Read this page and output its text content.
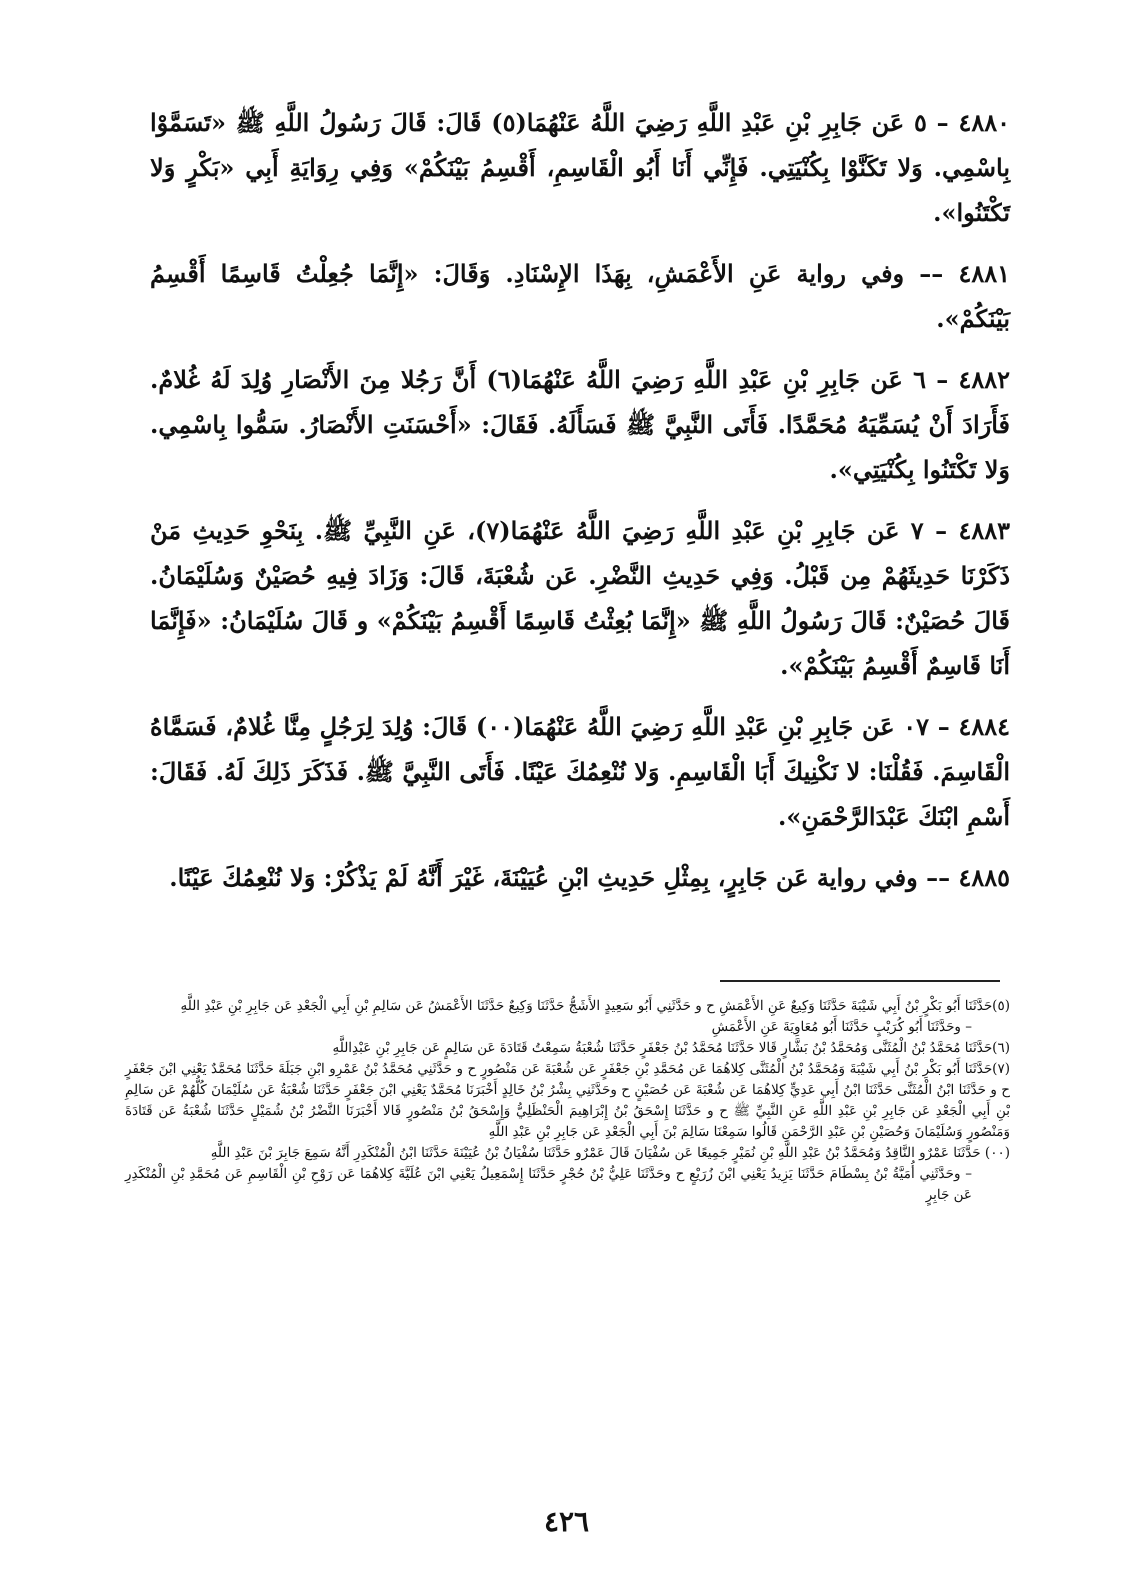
٤٨٨٠ – ٥ عَن جَابِرِ بْنِ عَبْدِ اللَّهِ رَضِيَ اللَّهُ عَنْهُمَا(٥) قَالَ: قَالَ رَسُولُ اللَّهِ ﷺ «تَسَمَّوْا بِاسْمِي. وَلا تَكَنَّوْا بِكُنْيَتِي. فَإِنِّي أَنَا أَبُو الْقَاسِمِ، أَقْسِمُ بَيْنَكُمْ» وَفِي رِوَايَةِ أَبِي «بَكْرٍ وَلا تَكْتَنُوا».

٤٨٨١ –– وفي رواية عَنِ الأَعْمَشِ، بِهَذَا الإِسْنَادِ. وَقَالَ: «إِنَّمَا جُعِلْتُ قَاسِمًا أَقْسِمُ بَيْنَكُمْ».

٤٨٨٢ – ٦ عَن جَابِرِ بْنِ عَبْدِ اللَّهِ رَضِيَ اللَّهُ عَنْهُمَا(٦) أَنَّ رَجُلا مِنَ الأَنْصَارِ وُلِدَ لَهُ غُلامٌ. فَأَرَادَ أَنْ يُسَمِّيَهُ مُحَمَّدًا. فَأَتَى النَّبِيَّ ﷺ فَسَأَلَهُ. فَقَالَ: «أَحْسَنَتِ الأَنْصَارُ. سَمُّوا بِاسْمِي. وَلا تَكْتَنُوا بِكُنْيَتِي».

٤٨٨٣ – ٧ عَن جَابِرِ بْنِ عَبْدِ اللَّهِ رَضِيَ اللَّهُ عَنْهُمَا(٧)، عَنِ النَّبِيِّ ﷺ. بِنَحْوِ حَدِيثِ مَنْ ذَكَرْنَا حَدِيثَهُمْ مِن قَبْلُ. وَفِي حَدِيثِ النَّضْرِ. عَن شُعْبَةَ، قَالَ: وَزَادَ فِيهِ حُصَيْنٌ وَسُلَيْمَانُ. قَالَ حُصَيْنٌ: قَالَ رَسُولُ اللَّهِ ﷺ «إِنَّمَا بُعِثْتُ قَاسِمًا أَقْسِمُ بَيْنَكُمْ» و قَالَ سُلَيْمَانُ: «فَإِنَّمَا أَنَا قَاسِمٌ أَقْسِمُ بَيْنَكُمْ».

٤٨٨٤ – ٠٧ عَن جَابِرِ بْنِ عَبْدِ اللَّهِ رَضِيَ اللَّهُ عَنْهُمَا(٠٠) قَالَ: وُلِدَ لِرَجُلٍ مِنَّا غُلامٌ، فَسَمَّاهُ الْقَاسِمَ. فَقُلْنَا: لا نَكْنِيكَ أَبَا الْقَاسِمِ. وَلا نُنْعِمُكَ عَيْنًا. فَأَتَى النَّبِيَّ ﷺ. فَذَكَرَ ذَلِكَ لَهُ. فَقَالَ: أَسْمِ ابْنَكَ عَبْدَالرَّحْمَنِ».

٤٨٨٥ –– وفي رواية عَن جَابِرٍ، بِمِثْلِ حَدِيثِ ابْنِ عُيَيْنَةَ، غَيْرَ أَنَّهُ لَمْ يَذْكُرْ: وَلا نُنْعِمُكَ عَيْنًا.

(٥)حَدَّثَنَا أَبُو بَكْرٍ بْنُ أَبِي شَيْبَةَ حَدَّثَنَا وَكِيعٌ عَنِ الأَعْمَشِ ح و حَدَّثَنِي أَبُو سَعِيدٍ الأَشَجُّ حَدَّثَنَا وَكِيعٌ حَدَّثَنَا الأَعْمَشُ عَن سَالِمِ بْنِ أَبِي الْجَعْدِ عَن جَابِرِ بْنِ عَبْدِ اللَّهِ

– وحَدَّثَنَا أَبُو كُرَيْبٍ حَدَّثَنَا أَبُو مُعَاوِيَةَ عَنِ الأَعْمَشِ

(٦)حَدَّثَنَا مُحَمَّدُ بْنُ الْمُثَنَّى وَمُحَمَّدُ بْنُ بَشَّارٍ قَالا حَدَّثَنَا مُحَمَّدُ بْنُ جَعْفَرٍ حَدَّثَنَا شُعْبَةُ سَمِعْتُ قَتَادَةَ عَن سَالِمٍ عَن جَابِرِ بْنِ عَبْدِاللَّهِ

(٧)حَدَّثَنَا أَبُو بَكْرِ بْنُ أَبِي شَيْبَةَ وَمُحَمَّدُ بْنُ الْمُثَنَّى كِلاهُمَا عَن مُحَمَّدِ بْنِ جَعْفَرٍ عَن شُعْبَةَ عَن مَنْصُورٍ ح و حَدَّثَنِي مُحَمَّدُ بْنُ عَمْرِو ابْنِ جَبَلَةَ حَدَّثَنَا مُحَمَّدٌ يَعْنِي ابْنَ جَعْفَرٍ ح و حَدَّثَنَا ابْنُ الْمُثَنَّى حَدَّثَنَا ابْنُ أَبِي عَدِيٍّ كِلاهُمَا عَن شُعْبَةَ عَن حُصَيْنٍ ح وحَدَّثَنِي بِشْرُ بْنُ خَالِدٍ أَخْبَرَنَا مُحَمَّدٌ يَعْنِي ابْنَ جَعْفَرٍ حَدَّثَنَا شُعْبَةُ عَن سُلَيْمَانَ كُلُّهُمْ عَن سَالِمِ بْنِ أَبِي الْجَعْدِ عَن جَابِرِ بْنِ عَبْدِ اللَّهِ عَنِ النَّبِيِّ ﷺ ح و حَدَّثَنَا إِسْحَقُ بْنُ إِبْرَاهِيمَ الْحَنْظَلِيُّ وَإِسْحَقُ بْنُ مَنْصُورٍ قَالا أَخْبَرَنَا النَّضْرُ بْنُ شُمَيْلٍ حَدَّثَنَا شُعْبَةُ عَن قَتَادَةَ وَمَنْصُورٍ وَسُلَيْمَانَ وَحُصَيْنِ بْنِ عَبْدِ الرَّحْمَنِ قَالُوا سَمِعْنَا سَالِمَ بْنَ أَبِي الْجَعْدِ عَن جَابِرِ بْنِ عَبْدِ اللَّهِ

(٠٠) حَدَّثَنَا عَمْرٌو النَّاقِدُ وَمُحَمَّدُ بْنُ عَبْدِ اللَّهِ بْنِ نُمَيْرٍ جَمِيعًا عَن سُفْيَانَ قَالَ عَمْرٌو حَدَّثَنَا سُفْيَانُ بْنُ عُيَيْنَةَ حَدَّثَنَا ابْنُ الْمُنْكَدِرِ أَنَّهُ سَمِعَ جَابِرَ بْنَ عَبْدِ اللَّهِ

– وحَدَّثَنِي أُمَيَّةُ بْنُ بِسْطَامَ حَدَّثَنَا يَزِيدُ يَعْنِي ابْنَ زُرَيْعٍ ح وحَدَّثَنَا عَلِيُّ بْنُ حُجْرٍ حَدَّثَنَا إِسْمَعِيلُ يَعْنِي ابْنَ عُلَيَّةَ كِلاهُمَا عَن رَوْحِ بْنِ الْقَاسِمِ عَن مُحَمَّدِ بْنِ الْمُنْكَدِرِ عَن جَابِرٍ

٤٢٦
